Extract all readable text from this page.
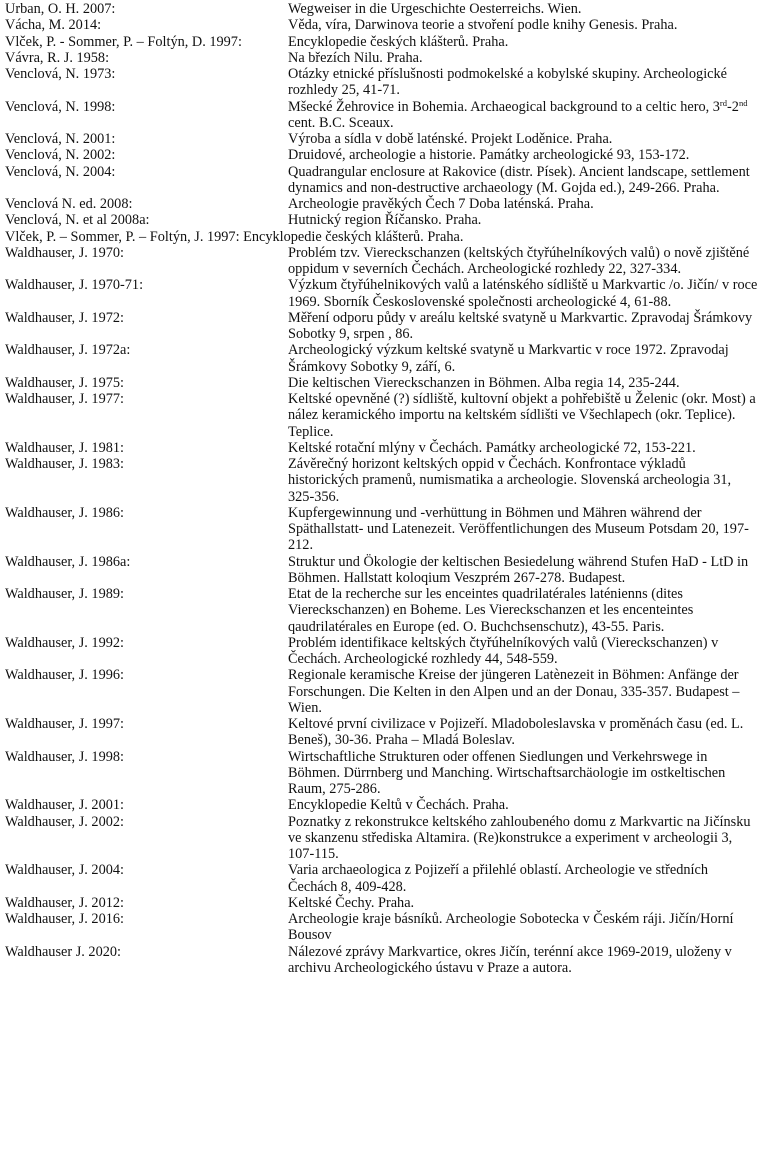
Urban, O. H. 2007:	Wegweiser in die Urgeschichte Oesterreichs. Wien.
Vácha, M. 2014:	Věda, víra, Darwinova teorie a stvoření podle knihy Genesis. Praha.
Vlček, P. - Sommer, P. – Foltýn, D. 1997:	Encyklopedie českých klášterů. Praha.
Vávra, R. J. 1958:	Na březích Nilu. Praha.
Venclová, N. 1973:	Otázky etnické příslušnosti podmokelské a kobylské skupiny. Archeologické rozhledy 25, 41-71.
Venclová, N. 1998:	Mšecké Žehrovice in Bohemia. Archaeogical background to a celtic hero, 3rd-2nd cent. B.C. Sceaux.
Venclová, N. 2001:	Výroba a sídla v době laténské. Projekt Loděnice. Praha.
Venclová, N. 2002:	Druidové, archeologie a historie. Památky archeologické 93, 153-172.
Venclová, N. 2004:	Quadrangular enclosure at Rakovice (distr. Písek). Ancient landscape, settlement dynamics and non-destructive archaeology (M. Gojda ed.), 249-266. Praha.
Venclová N. ed. 2008:	Archeologie pravěkých Čech 7 Doba laténská. Praha.
Venclová, N. et al 2008a:	Hutnický region Říčansko. Praha.
Vlček, P. – Sommer, P. – Foltýn, J. 1997: Encyklopedie českých klášterů. Praha.
Waldhauser, J. 1970:	Problém tzv. Viereckschanzen (keltských čtyřúhelníkových valů) o nově zjištěné oppidum v severních Čechách. Archeologické rozhledy 22, 327-334.
Waldhauser, J. 1970-71:	Výzkum čtyřúhelnikových valů a laténského sídliště u Markvartic /o. Jičín/ v roce 1969. Sborník Československé společnosti archeologické 4, 61-88.
Waldhauser, J. 1972:	Měření odporu půdy v areálu keltské svatyně u Markvartic. Zpravodaj Šrámkovy Sobotky 9, srpen , 86.
Waldhauser, J. 1972a:	Archeologický výzkum keltské svatyně u Markvartic v roce 1972. Zpravodaj Šrámkovy Sobotky 9, září, 6.
Waldhauser, J. 1975:	Die keltischen Viereckschanzen in Böhmen. Alba regia 14, 235-244.
Waldhauser, J. 1977:	Keltské opevněné (?) sídliště, kultovní objekt a pohřebiště u Želenic (okr. Most) a nález keramického importu na keltském sídlišti ve Všechlapech (okr. Teplice). Teplice.
Waldhauser, J. 1981:	Keltské rotační mlýny v Čechách. Památky archeologické 72, 153-221.
Waldhauser, J. 1983:	Závěrečný horizont keltských oppid v Čechách. Konfrontace výkladů historických pramenů, numismatika a archeologie. Slovenská archeologia 31, 325-356.
Waldhauser, J. 1986:	Kupfergewinnung und -verhüttung in Böhmen und Mähren während der Späthallstatt- und Latenezeit. Veröffentlichungen des Museum Potsdam 20, 197-212.
Waldhauser, J. 1986a:	Struktur und Ökologie der keltischen Besiedelung während Stufen HaD - LtD in Böhmen. Hallstatt koloqium Veszprém 267-278. Budapest.
Waldhauser, J. 1989:	Etat de la recherche sur les enceintes quadrilatérales laténienns (dites Viereckschanzen) en Boheme. Les Viereckschanzen et les encenteintes qaudrilatérales en Europe (ed. O. Buchchsenschutz), 43-55. Paris.
Waldhauser, J. 1992:	Problém identifikace keltských čtyřúhelníkových valů (Viereckschanzen) v Čechách. Archeologické rozhledy 44, 548-559.
Waldhauser, J. 1996:	Regionale keramische Kreise der jüngeren Latènezeit in Böhmen: Anfänge der Forschungen. Die Kelten in den Alpen und an der Donau, 335-357. Budapest – Wien.
Waldhauser, J. 1997:	Keltové první civilizace v Pojizeří. Mladoboleslavska v proměnách času (ed. L. Beneš), 30-36. Praha – Mladá Boleslav.
Waldhauser, J. 1998:	Wirtschaftliche Strukturen oder offenen Siedlungen und Verkehrswege in Böhmen. Dürrnberg und Manching. Wirtschaftsarchäologie im ostkeltischen Raum, 275-286.
Waldhauser, J. 2001:	Encyklopedie Keltů v Čechách. Praha.
Waldhauser, J. 2002:	Poznatky z rekonstrukce keltského zahloubeného domu z Markvartic na Jičínsku ve skanzenu střediska Altamira. (Re)konstrukce a experiment v archeologii 3, 107-115.
Waldhauser, J. 2004:	Varia archaeologica z Pojizeří a přilehlé oblastí. Archeologie ve středních Čechách 8, 409-428.
Waldhauser, J. 2012:	Keltské Čechy. Praha.
Waldhauser, J. 2016:	Archeologie kraje básníků. Archeologie Sobotecka v Českém ráji. Jičín/Horní Bousov
Waldhauser J. 2020:	Nálezové zprávy Markvartice, okres Jičín, terénní akce 1969-2019, uloženy v archivu Archeologického ústavu v Praze a autora.
